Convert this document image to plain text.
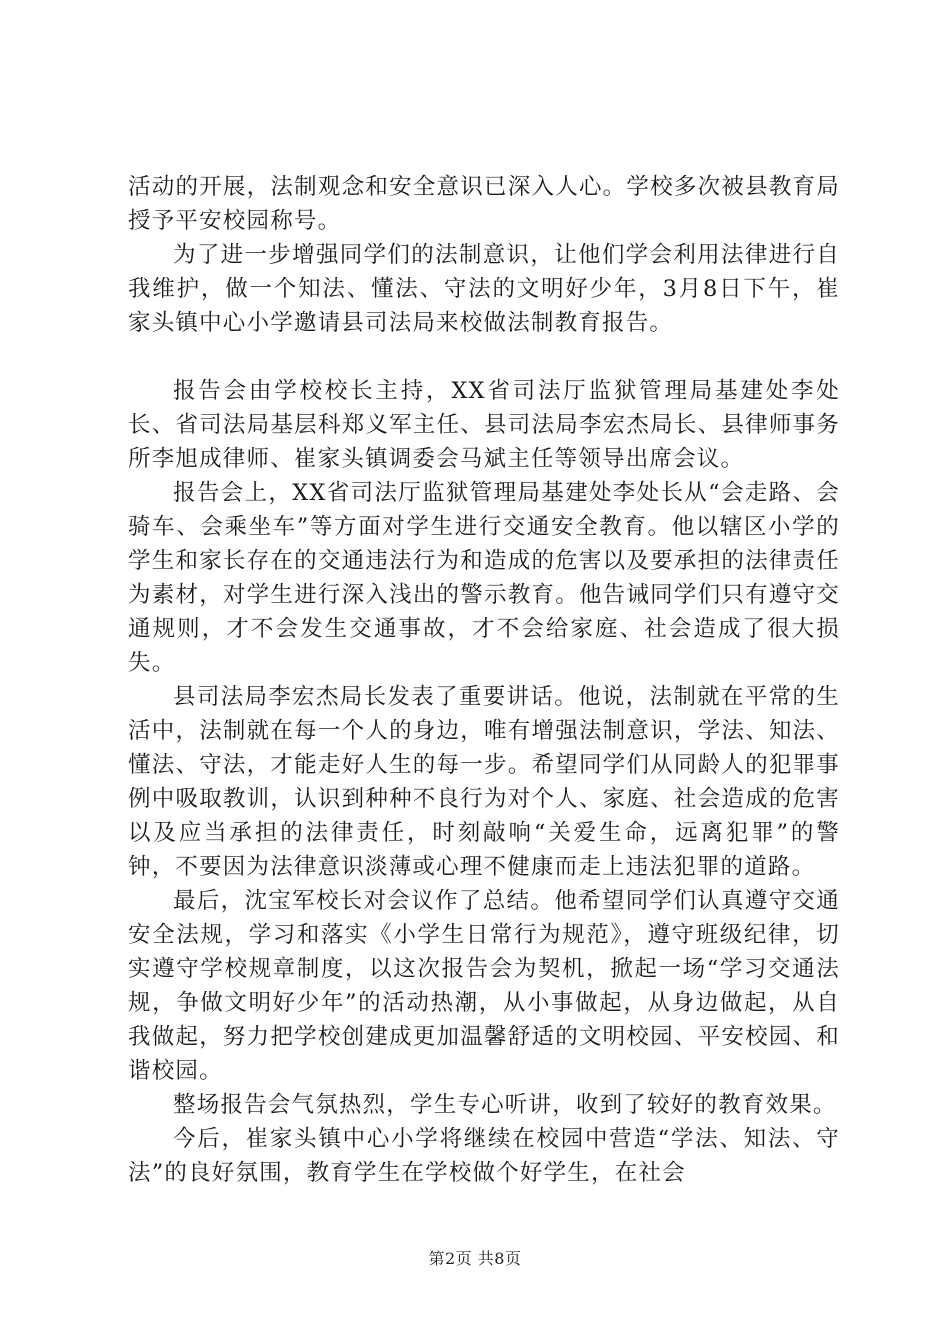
活动的开展，法制观念和安全意识已深入人心。学校多次被县教育局授予平安校园称号。

为了进一步增强同学们的法制意识，让他们学会利用法律进行自我维护，做一个知法、懂法、守法的文明好少年，3月8日下午，崔家头镇中心小学邀请县司法局来校做法制教育报告。

报告会由学校校长主持，XX省司法厅监狱管理局基建处李处长、省司法局基层科郑义军主任、县司法局李宏杰局长、县律师事务所李旭成律师、崔家头镇调委会马斌主任等领导出席会议。

报告会上，XX省司法厅监狱管理局基建处李处长从“会走路、会骑车、会乘坐车”等方面对学生进行交通安全教育。他以辖区小学的学生和家长存在的交通违法行为和造成的危害以及要承担的法律责任为素材，对学生进行深入浅出的警示教育。他告诫同学们只有遵守交通规则，才不会发生交通事故，才不会给家庭、社会造成了很大损失。

县司法局李宏杰局长发表了重要讲话。他说，法制就在平常的生活中，法制就在每一个人的身边，唯有增强法制意识，学法、知法、懂法、守法，才能走好人生的每一步。希望同学们从同龄人的犯罪事例中吸取教训，认识到种种不良行为对个人、家庭、社会造成的危害以及应当承担的法律责任，时刻敲响“关爱生命，远离犯罪”的警钟，不要因为法律意识淡薄或心理不健康而走上违法犯罪的道路。

最后，沈宝军校长对会议作了总结。他希望同学们认真遵守交通安全法规，学习和落实《小学生日常行为规范》，遵守班级纪律，切实遵守学校规章制度，以这次报告会为契机，掀起一场“学习交通法规，争做文明好少年”的活动热潮，从小事做起，从身边做起，从自我做起，努力把学校创建成更加温馨舒适的文明校园、平安校园、和谐校园。

整场报告会气氛热烈，学生专心听讲，收到了较好的教育效果。

今后，崔家头镇中心小学将继续在校园中营造“学法、知法、守法”的良好氛围，教育学生在学校做个好学生，在社会

第2页 共8页
